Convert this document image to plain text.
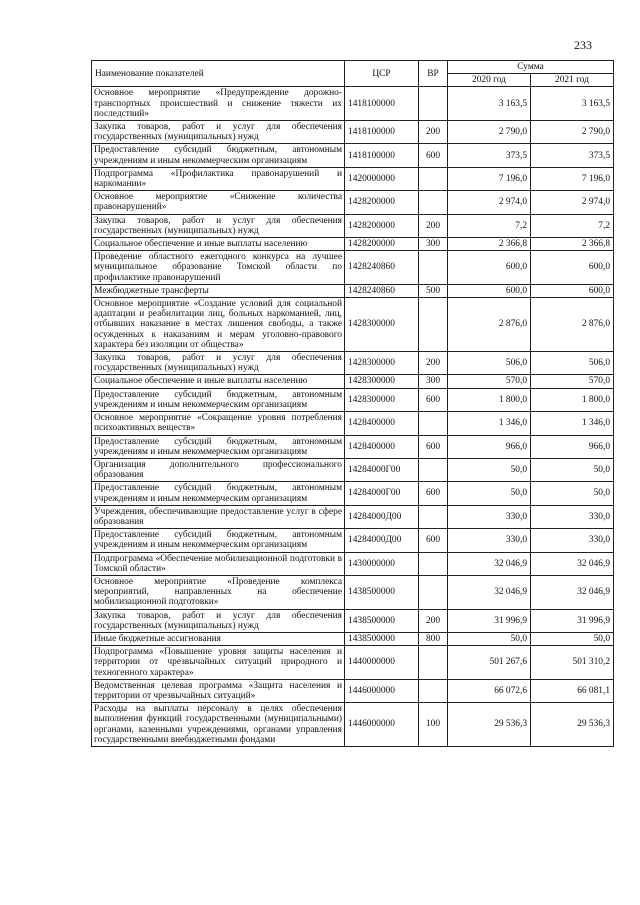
233
Наименование показателей	ЦСР	ВР	Сумма	
			2020 год	2021 год
Основное мероприятие «Предупреждение дорожно-транспортных происшествий и снижение тяжести их последствий»	1418100000		3 163,5	3 163,5
Закупка товаров, работ и услуг для обеспечения государственных (муниципальных) нужд	1418100000	200	2 790,0	2 790,0
Предоставление субсидий бюджетным, автономным учреждениям и иным некоммерческим организациям	1418100000	600	373,5	373,5
Подпрограмма «Профилактика правонарушений и наркомании»	1420000000		7 196,0	7 196,0
Основное мероприятие «Снижение количества правонарушений»	1428200000		2 974,0	2 974,0
Закупка товаров, работ и услуг для обеспечения государственных (муниципальных) нужд	1428200000	200	7,2	7,2
Социальное обеспечение и иные выплаты населению	1428200000	300	2 366,8	2 366,8
Проведение областного ежегодного конкурса на лучшее муниципальное образование Томской области по профилактике правонарушений	1428240860		600,0	600,0
Межбюджетные трансферты	1428240860	500	600,0	600,0
Основное мероприятие «Создание условий для социальной адаптации и реабилитации лиц, больных наркоманией, лиц, отбывших наказание в местах лишения свободы, а также осужденных к наказаниям и мерам уголовно-правового характера без изоляции от общества»	1428300000		2 876,0	2 876,0
Закупка товаров, работ и услуг для обеспечения государственных (муниципальных) нужд	1428300000	200	506,0	506,0
Социальное обеспечение и иные выплаты населению	1428300000	300	570,0	570,0
Предоставление субсидий бюджетным, автономным учреждениям и иным некоммерческим организациям	1428300000	600	1 800,0	1 800,0
Основное мероприятие «Сокращение уровня потребления психоактивных веществ»	1428400000		1 346,0	1 346,0
Предоставление субсидий бюджетным, автономным учреждениям и иным некоммерческим организациям	1428400000	600	966,0	966,0
Организация дополнительного профессионального образования	14284000Г00		50,0	50,0
Предоставление субсидий бюджетным, автономным учреждениям и иным некоммерческим организациям	14284000Г00	600	50,0	50,0
Учреждения, обеспечивающие предоставление услуг в сфере образования	14284000Д00		330,0	330,0
Предоставление субсидий бюджетным, автономным учреждениям и иным некоммерческим организациям	14284000Д00	600	330,0	330,0
Подпрограмма «Обеспечение мобилизационной подготовки в Томской области»	1430000000		32 046,9	32 046,9
Основное мероприятие «Проведение комплекса мероприятий, направленных на обеспечение мобилизационной подготовки»	1438500000		32 046,9	32 046,9
Закупка товаров, работ и услуг для обеспечения государственных (муниципальных) нужд	1438500000	200	31 996,9	31 996,9
Иные бюджетные ассигнования	1438500000	800	50,0	50,0
Подпрограмма «Повышение уровня защиты населения и территории от чрезвычайных ситуаций природного и техногенного характера»	1440000000		501 267,6	501 310,2
Ведомственная целевая программа «Защита населения и территории от чрезвычайных ситуаций»	1446000000		66 072,6	66 081,1
Расходы на выплаты персоналу в целях обеспечения выполнения функций государственными (муниципальными) органами, казенными учреждениями, органами управления государственными внебюджетными фондами	1446000000	100	29 536,3	29 536,3
